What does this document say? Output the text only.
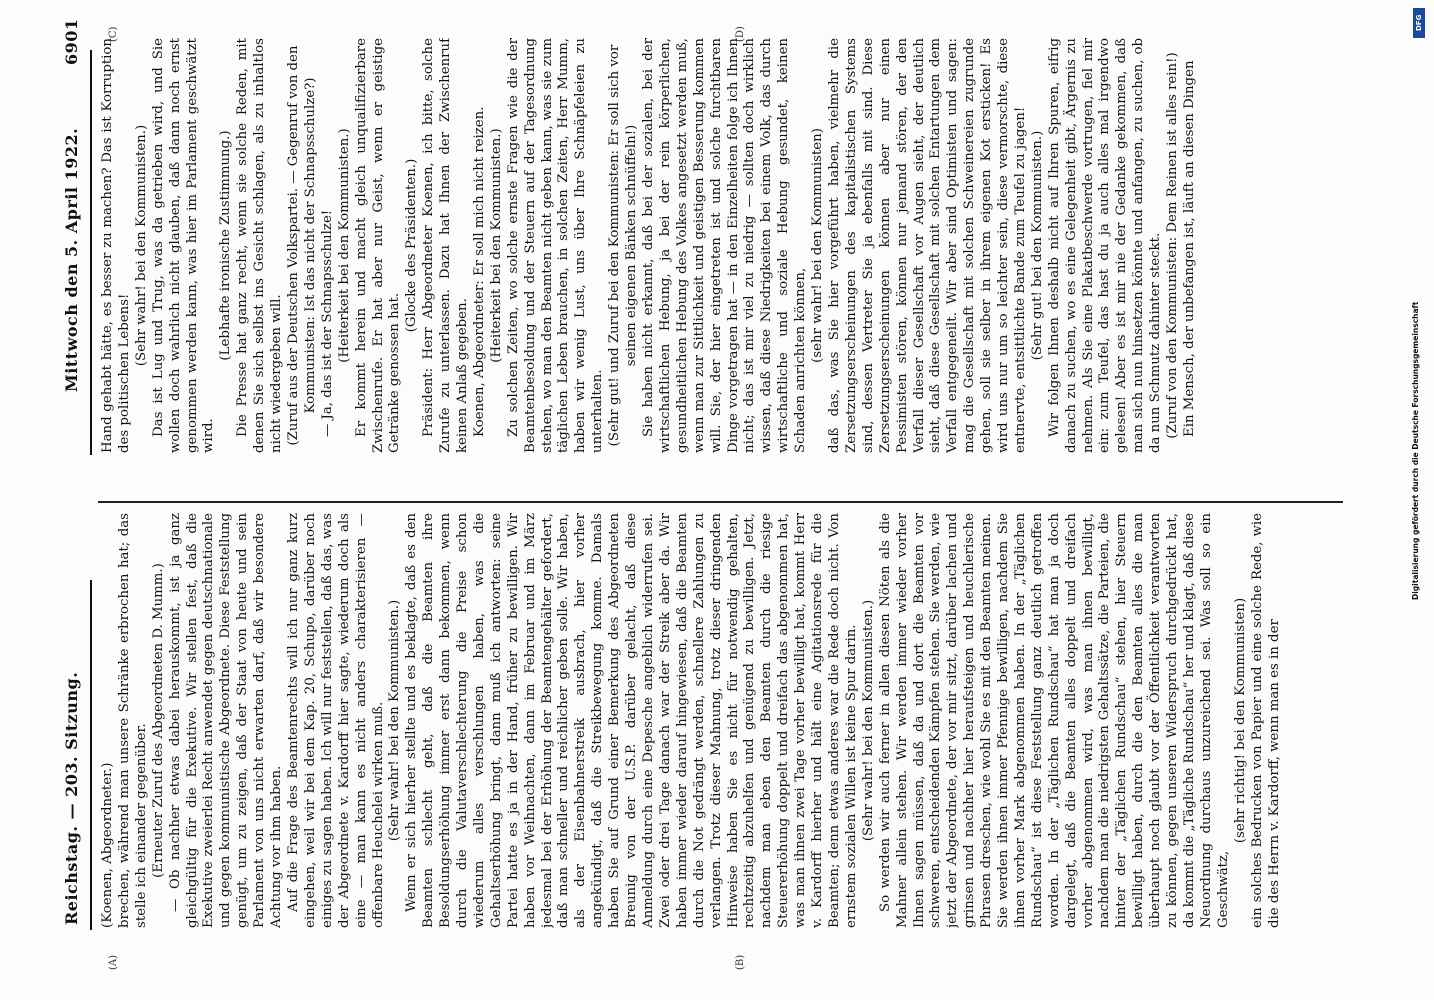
Reichstag. — 203. Sitzung.
Mittwoch den 5. April 1922.
6901
(A)	(B)
(C)	(D)

(Koenen, Abgeordneter.) brechen, während man unsere Schränke erbrochen hat; das stelle ich einander gegenüber. (Erneuter Zuruf des Abgeordneten D. Mumm.) — Ob nachher etwas dabei herauskommt, ist ja ganz gleichgültig für die Exekutive. Wir stellen fest, daß die Exekutive zweierlei Recht anwendet gegen deutschnationale und gegen kommunistische Abgeordnete. Diese Feststellung genügt, um zu zeigen, daß der Staat von heute und sein Parlament von uns nicht erwarten darf, daß wir besondere Achtung vor ihm haben. Auf die Frage des Beamtenrechts will ich nur ganz kurz eingehen, weil wir bei dem Kap. 20, Schupo, darüber noch einiges zu sagen haben. Ich will nur feststellen, daß das, was der Abgeordnete v. Kardorff hier sagte, wiederum doch als eine — man kann es nicht anders charakterisieren — offenbare Heuchelei wirken muß. (Sehr wahr! bei den Kommunisten.) Wenn er sich hierher stellte und es beklagte, daß es den Beamten schlecht geht, daß die Beamten ihre Besoldungserhöhung immer erst dann bekommen, wenn durch die Valutaverschlechterung die Preise schon wiederum alles verschlungen haben, was die Gehaltserhöhung bringt, dann muß ich antworten: seine Partei hatte es ja in der Hand, früher zu bewilligen. Wir haben vor Weihnachten, dann im Februar und im März jedesmal bei der Erhöhung der Beamtengehälter gefordert, daß man schneller und reichlicher geben solle. Wir haben, als der Eisenbahnerstreik ausbrach, hier vorher angekündigt, daß die Streikbewegung komme. Damals haben Sie auf Grund einer Bemerkung des Abgeordneten Breunig von der U.S.P. darüber gelacht, daß diese Anmeldung durch eine Depesche angeblich widerrufen sei. Zwei oder drei Tage danach war der Streik aber da. Wir haben immer wieder darauf hingewiesen, daß die Beamten durch die Not gedrängt werden, schnellere Zahlungen zu verlangen. Trotz dieser Mahnung, trotz dieser dringenden Hinweise haben Sie es nicht für notwendig gehalten, rechtzeitig abzuhelfen und genügend zu bewilligen. Jetzt, nachdem man eben den Beamten durch die riesige Steuererhöhung doppelt und dreifach das abgenommen hat, was man ihnen zwei Tage vorher bewilligt hat, kommt Herr v. Kardorff hierher und hält eine Agitationsrede für die Beamten; denn etwas anderes war die Rede doch nicht. Von ernstem sozialen Willen ist keine Spur darin. (Sehr wahr! bei den Kommunisten.) So werden wir auch ferner in allen diesen Nöten als die Mahner allein stehen. Wir werden immer wieder vorher Ihnen sagen müssen, daß da und dort die Beamten vor schweren, entscheidenden Kämpfen stehen. Sie werden, wie jetzt der Abgeordnete, der vor mir sitzt, darüber lachen und grinsen und nachher hier heraufsteigen und heuchlerische Phrasen dreschen, wie wohl Sie es mit den Beamten meinen. Sie werden ihnen immer Pfennige bewilligen, nachdem Sie ihnen vorher Mark abgenommen haben. In der „Täglichen Rundschau“ ist diese Feststellung ganz deutlich getroffen worden. In der „Täglichen Rundschau“ hat man ja doch dargelegt, daß die Beamten alles doppelt und dreifach vorher abgenommen wird, was man ihnen bewilligt, nachdem man die niedrigsten Gehaltssätze, die Parteien, die hinter der „Täglichen Rundschau“ stehen, hier Steuern bewilligt haben, durch die den Beamten alles die man überhaupt noch glaubt vor der Öffentlichkeit verantworten zu können, gegen unseren Widerspruch durchgedrückt hat, da kommt die „Tägliche Rundschau“ her und klagt, daß diese Neuordnung durchaus unzureichend sei. Was soll so ein Geschwätz,

(sehr richtig! bei den Kommunisten) ein solches Bedrucken von Papier und eine solche Rede, wie die des Herrn v. Kardorff, wenn man es in der

Hand gehabt hätte, es besser zu machen? Das ist Korruption des politischen Lebens!

(Sehr wahr! bei den Kommunisten.) Das ist Lug und Trug, was da getrieben wird, und Sie wollen doch wahrlich nicht glauben, daß dann noch ernst genommen werden kann, was hier im Parlament geschwätzt wird.

(Lebhafte ironische Zustimmung.) Die Presse hat ganz recht, wenn sie solche Reden, mit denen Sie sich selbst ins Gesicht schlagen, als zu inhaltlos nicht wiedergeben will. (Zuruf aus der Deutschen Volkspartei. — Gegenruf von den Kommunisten: Ist das nicht der Schnapsschulze?) — Ja, das ist der Schnapsschulze! (Heiterkeit bei den Kommunisten.) Er kommt herein und macht gleich unqualifizierbare Zwischenrufe. Er hat aber nur Geist, wenn er geistige Getränke genossen hat.

(Glocke des Präsidenten.) Präsident: Herr Abgeordneter Koenen, ich bitte, solche Zurufe zu unterlassen. Dazu hat Ihnen der Zwischenruf keinen Anlaß gegeben. Koenen, Abgeordneter: Er soll mich nicht reizen. (Heiterkeit bei den Kommunisten.) Zu solchen Zeiten, wo solche ernste Fragen wie die der Beamtenbesoldung und der Steuern auf der Tagesordnung stehen, wo man den Beamten nicht geben kann, was sie zum täglichen Leben brauchen, in solchen Zeiten, Herr Mumm, haben wir wenig Lust, uns über Ihre Schnäpfeleien zu unterhalten. (Sehr gut! und Zuruf bei den Kommunisten: Er soll sich vor seinen eigenen Bänken schnüffeln!) Sie haben nicht erkannt, daß bei der sozialen, bei der wirtschaftlichen Hebung, ja bei der rein körperlichen, gesundheitlichen Hebung des Volkes angesetzt werden muß, wenn man zur Sittlichkeit und geistigen Besserung kommen will. Sie, der hier eingetreten ist und solche furchtbaren Dinge vorgetragen hat — in den Einzelheiten folge ich Ihnen nicht; das ist mir viel zu niedrig — sollten doch wirklich wissen, daß diese Niedrigkeiten bei einem Volk, das durch wirtschaftliche und soziale Hebung gesundet, keinen Schaden anrichten können, (sehr wahr! bei den Kommunisten) daß das, was Sie hier vorgeführt haben, vielmehr die Zersetzungserscheinungen des kapitalistischen Systems sind, dessen Vertreter Sie ja ebenfalls mit sind. Diese Zersetzungserscheinungen können aber nur einen Pessimisten stören, können nur jemand stören, der den Verfall dieser Gesellschaft vor Augen sieht, der deutlich sieht, daß diese Gesellschaft mit solchen Entartungen dem Verfall entgegeneilt. Wir aber sind Optimisten und sagen: mag die Gesellschaft mit solchen Schweinereien zugrunde gehen, soll sie selber in ihrem eigenen Kot ersticken! Es wird uns nur um so leichter sein, diese vermorschte, diese entnervte, entsittlichte Bande zum Teufel zu jagen! (Sehr gut! bei den Kommunisten.) Wir folgen Ihnen deshalb nicht auf Ihren Spuren, eifrig danach zu suchen, wo es eine Gelegenheit gibt, Ärgernis zu nehmen. Als Sie eine Plakatbeschwerde vortrugen, fiel mir ein: zum Teufel, das hast du ja auch alles mal irgendwo gelesen! Aber es ist mir nie der Gedanke gekommen, daß man sich nun hinsetzen könnte und anfangen, zu suchen, ob da nun Schmutz dahinter steckt. (Zuruf von den Kommunisten: Dem Reinen ist alles rein!) Ein Mensch, der unbefangen ist, läuft an diesen Dingen

DFG
Digitalisierung gefördert durch die Deutsche Forschungsgemeinschaft
